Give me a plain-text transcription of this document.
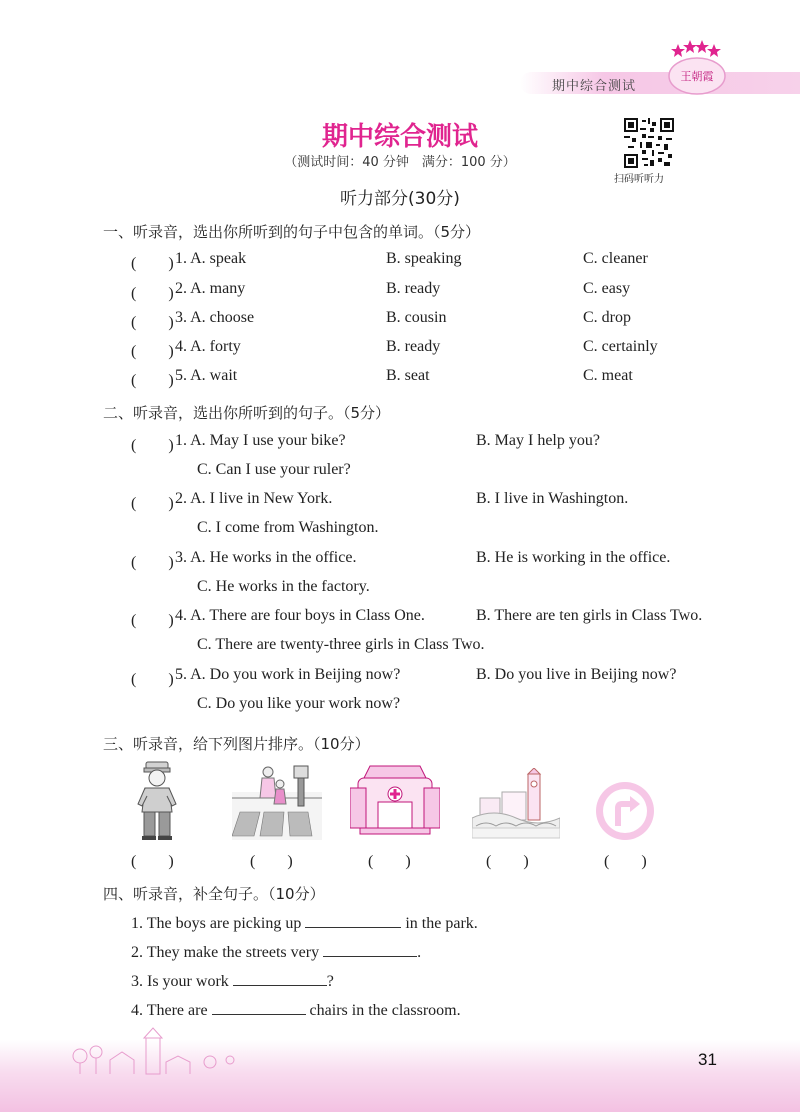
期中综合测试
王朝霞
期中综合测试
（测试时间：40 分钟　满分：100 分）
扫码听听力
听力部分(30分)
一、听录音，选出你所听到的句子中包含的单词。（5分）
(　　) 1. A. speak	B. speaking	C. cleaner
(　　) 2. A. many	B. ready	C. easy
(　　) 3. A. choose	B. cousin	C. drop
(　　) 4. A. forty	B. ready	C. certainly
(　　) 5. A. wait	B. seat	C. meat
二、听录音，选出你所听到的句子。（5分）
(　　) 1. A. May I use your bike?	B. May I help you?
C. Can I use your ruler?
(　　) 2. A. I live in New York.	B. I live in Washington.
C. I come from Washington.
(　　) 3. A. He works in the office.	B. He is working in the office.
C. He works in the factory.
(　　) 4. A. There are four boys in Class One.	B. There are ten girls in Class Two.
C. There are twenty-three girls in Class Two.
(　　) 5. A. Do you work in Beijing now?	B. Do you live in Beijing now?
C. Do you like your work now?
三、听录音，给下列图片排序。（10分）
(　　)	(　　)	(　　)	(　　)	(　　)
四、听录音，补全句子。（10分）
1. The boys are picking up	in the park.
2. They make the streets very	.
3. Is your work	?
4. There are	chairs in the classroom.
31
